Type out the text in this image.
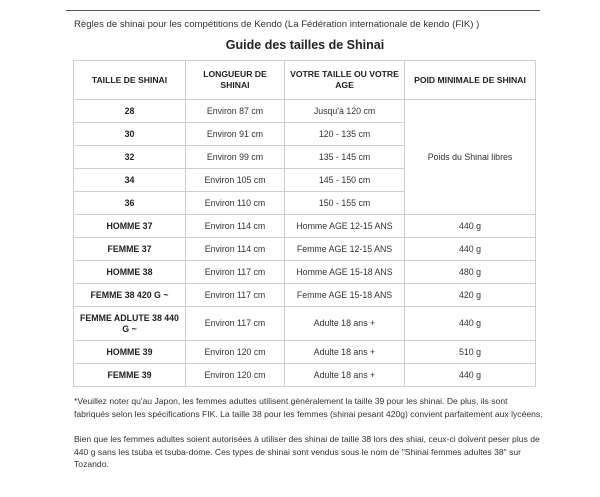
Règles de shinai pour les compétitions de Kendo (La Fédération internationale de kendo (FIK) )
Guide des tailles de Shinai
TAILLE DE SHINAI	LONGUEUR DE SHINAI	VOTRE TAILLE OU VOTRE AGE	POID MINIMALE DE SHINAI
28	Environ 87 cm	Jusqu'à 120 cm	Poids du Shinai libres
30	Environ 91 cm	120 - 135 cm	
32	Environ 99 cm	135 - 145 cm	
34	Environ 105 cm	145 - 150 cm	
36	Environ 110 cm	150 - 155 cm	
HOMME 37	Environ 114 cm	Homme AGE 12-15 ANS	440 g
FEMME 37	Environ 114 cm	Femme AGE 12-15 ANS	440 g
HOMME 38	Environ 117 cm	Homme AGE 15-18 ANS	480 g
FEMME 38 420 G ~	Environ 117 cm	Femme AGE 15-18 ANS	420 g
FEMME ADLUTE 38 440 G ~	Environ 117 cm	Adulte 18 ans +	440 g
HOMME 39	Environ 120 cm	Adulte 18 ans +	510 g
FEMME 39	Environ 120 cm	Adulte 18 ans +	440 g
*Veuillez noter qu'au Japon, les femmes adultes utilisent généralement la taille 39 pour les shinai. De plus, ils sont fabriqués selon les spécifications FIK. La taille 38 pour les femmes (shinai pesant 420g) convient parfaitement aux lycéens.
Bien que les femmes adultes soient autorisées à utiliser des shinai de taille 38 lors des shiai, ceux-ci doivent peser plus de 440 g sans les tsuba et tsuba-dome. Ces types de shinai sont vendus sous le nom de "Shinai femmes adultes 38" sur Tozando.
